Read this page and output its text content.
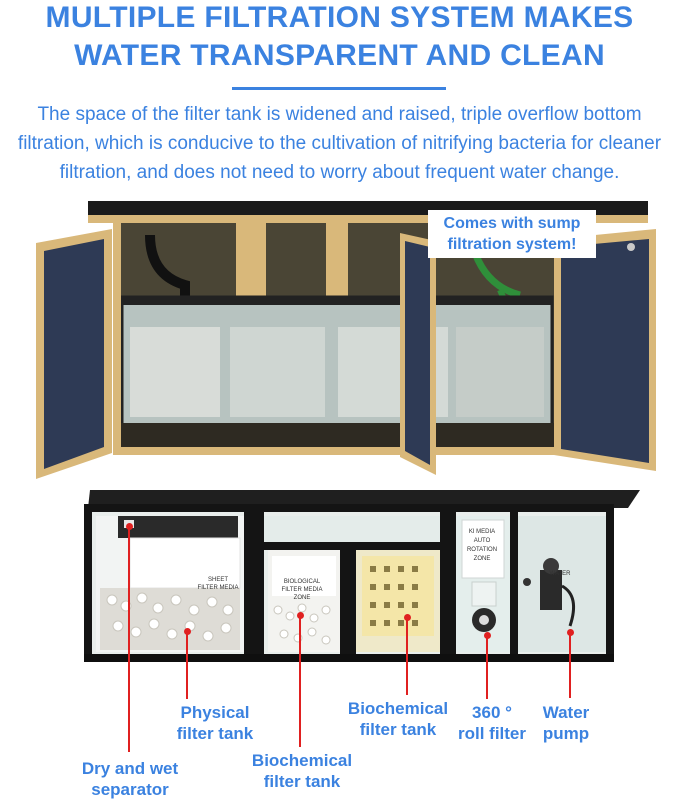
MULTIPLE FILTRATION SYSTEM MAKES
WATER TRANSPARENT AND CLEAN
The space of the filter tank is widened and raised, triple overflow bottom
filtration, which is conducive to the cultivation of nitrifying bacteria for cleaner
filtration, and does not need to worry about frequent water change.
Comes with sump
filtration system!
SHEET
FILTER MEDIA
BIOLOGICAL
FILTER MEDIA
ZONE
KI MEDIA
AUTO
ROTATION
ZONE
WATER
Dry and wet
separator
Physical
filter tank
Biochemical
filter tank
Biochemical
filter tank
360 °
roll filter
Water
pump
